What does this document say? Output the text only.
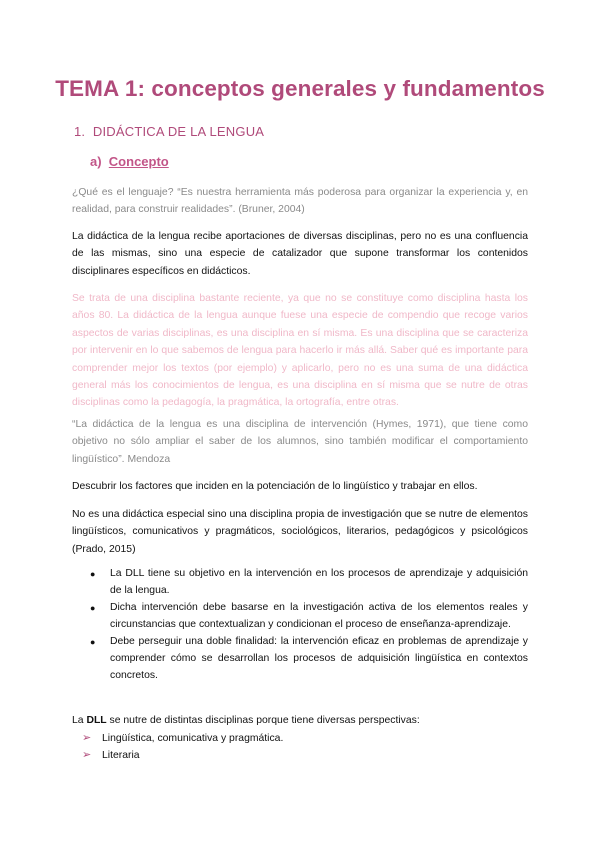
TEMA 1: conceptos generales y fundamentos
1. DIDÁCTICA DE LA LENGUA
a) Concepto

¿Qué es el lenguaje? “Es nuestra herramienta más poderosa para organizar la experiencia y, en realidad, para construir realidades”. (Bruner, 2004)

La didáctica de la lengua recibe aportaciones de diversas disciplinas, pero no es una confluencia de las mismas, sino una especie de catalizador que supone transformar los contenidos disciplinares específicos en didácticos.

Se trata de una disciplina bastante reciente, ya que no se constituye como disciplina hasta los años 80. La didáctica de la lengua aunque fuese una especie de compendio que recoge varios aspectos de varias disciplinas, es una disciplina en sí misma. Es una disciplina que se caracteriza por intervenir en lo que sabemos de lengua para hacerlo ir más allá. Saber qué es importante para comprender mejor los textos (por ejemplo) y aplicarlo, pero no es una suma de una didáctica general más los conocimientos de lengua, es una disciplina en sí misma que se nutre de otras disciplinas como la pedagogía, la pragmática, la ortografía, entre otras.

“La didáctica de la lengua es una disciplina de intervención (Hymes, 1971), que tiene como objetivo no sólo ampliar el saber de los alumnos, sino también modificar el comportamiento lingüístico”. Mendoza

Descubrir los factores que inciden en la potenciación de lo lingüístico y trabajar en ellos.

No es una didáctica especial sino una disciplina propia de investigación que se nutre de elementos lingüísticos, comunicativos y pragmáticos, sociológicos, literarios, pedagógicos y psicológicos (Prado, 2015)

● La DLL tiene su objetivo en la intervención en los procesos de aprendizaje y adquisición de la lengua.
● Dicha intervención debe basarse en la investigación activa de los elementos reales y circunstancias que contextualizan y condicionan el proceso de enseñanza-aprendizaje.
● Debe perseguir una doble finalidad: la intervención eficaz en problemas de aprendizaje y comprender cómo se desarrollan los procesos de adquisición lingüística en contextos concretos.

La DLL se nutre de distintas disciplinas porque tiene diversas perspectivas:

➢ Lingüística, comunicativa y pragmática.
➢ Literaria
